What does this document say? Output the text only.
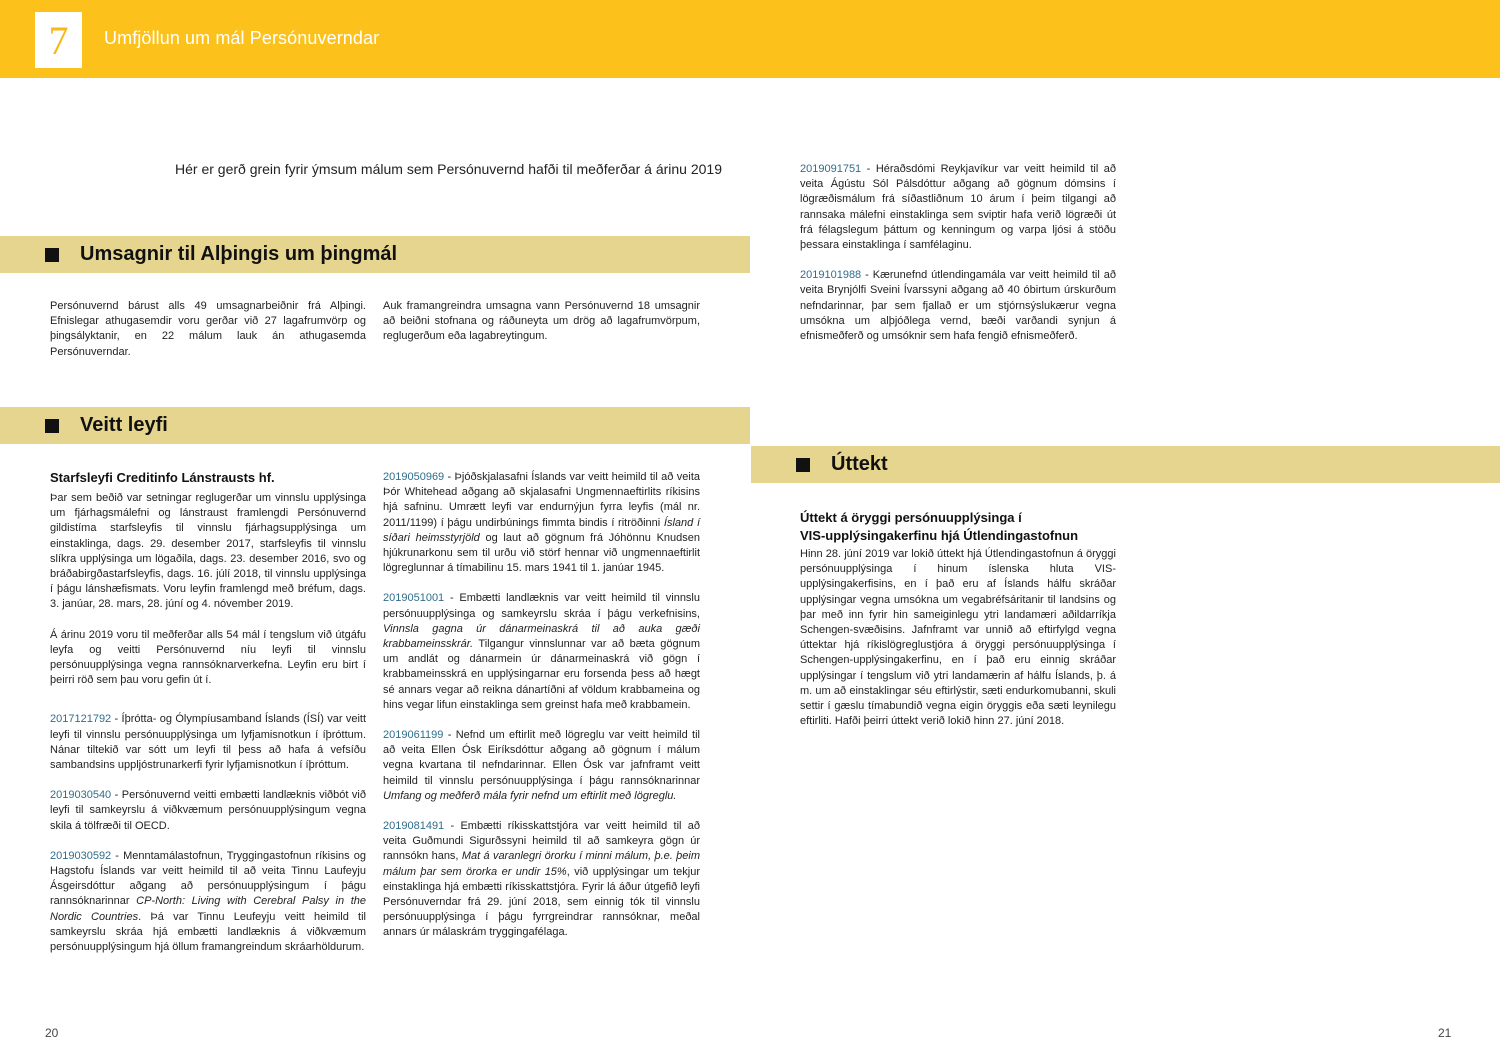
7	Umfjöllun um mál Persónuverndar
Hér er gerð grein fyrir ýmsum málum sem Persónuvernd hafði til meðferðar á árinu 2019
Umsagnir til Alþingis um þingmál

Persónuvernd bárust alls 49 umsagnarbeiðnir frá Alþingi. Efnislegar athugasemdir voru gerðar við 27 lagafrumvörp og þingsályktanir, en 22 málum lauk án athugasemda Persónuverndar.

Auk framangreindra umsagna vann Persónuvernd 18 umsagnir að beiðni stofnana og ráðuneyta um drög að lagafrumvörpum, reglugerðum eða lagabreytingum.

Veitt leyfi
Starfsleyfi Creditinfo Lánstrausts hf.

Þar sem beðið var setningar reglugerðar um vinnslu upplýsinga um fjárhagsmálefni og lánstraust framlengdi Persónuvernd gildistíma starfsleyfis til vinnslu fjárhagsupplýsinga um einstaklinga, dags. 29. desember 2017, starfsleyfis til vinnslu slíkra upplýsinga um lögaðila, dags. 23. desember 2016, svo og bráðabirgðastarfsleyfis, dags. 16. júlí 2018, til vinnslu upplýsinga í þágu lánshæfismats. Voru leyfin framlengd með bréfum, dags. 3. janúar, 28. mars, 28. júní og 4. nóvember 2019.

Á árinu 2019 voru til meðferðar alls 54 mál í tengslum við útgáfu leyfa og veitti Persónuvernd níu leyfi til vinnslu persónuupplýsinga vegna rannsóknarverkefna. Leyfin eru birt í þeirri röð sem þau voru gefin út í.

2017121792 - Íþrótta- og Ólympíusamband Íslands (ÍSÍ) var veitt leyfi til vinnslu persónuupplýsinga um lyfjamisnotkun í íþróttum. Nánar tiltekið var sótt um leyfi til þess að hafa á vefsíðu sambandsins uppljóstrunarkerfi fyrir lyfjamisnotkun í íþróttum.

2019030540 - Persónuvernd veitti embætti landlæknis viðbót við leyfi til samkeyrslu á viðkvæmum persónuupplýsingum vegna skila á tölfræði til OECD.

2019030592 - Menntamálastofnun, Tryggingastofnun ríkisins og Hagstofu Íslands var veitt heimild til að veita Tinnu Laufeyju Ásgeirsdóttur aðgang að persónuupplýsingum í þágu rannsóknarinnar CP-North: Living with Cerebral Palsy in the Nordic Countries. Þá var Tinnu Leufeyju veitt heimild til samkeyrslu skráa hjá embætti landlæknis á viðkvæmum persónuupplýsingum hjá öllum framangreindum skráarhöldurum.

2019050969 - Þjóðskjalasafni Íslands var veitt heimild til að veita Þór Whitehead aðgang að skjalasafni Ungmennaeftirlits ríkisins hjá safninu. Umrætt leyfi var endurnýjun fyrra leyfis (mál nr. 2011/1199) í þágu undirbúnings fimmta bindis í ritröðinni Ísland í síðari heimsstyrjöld og laut að gögnum frá Jóhönnu Knudsen hjúkrunarkonu sem til urðu við störf hennar við ungmennaeftirlit lögreglunnar á tímabilinu 15. mars 1941 til 1. janúar 1945.

2019051001 - Embætti landlæknis var veitt heimild til vinnslu persónuupplýsinga og samkeyrslu skráa í þágu verkefnisins, Vinnsla gagna úr dánarmeinaskrá til að auka gæði krabbameinsskrár. Tilgangur vinnslunnar var að bæta gögnum um andlát og dánarmein úr dánarmeinaskrá við gögn í krabbameinsskrá en upplýsingarnar eru forsenda þess að hægt sé annars vegar að reikna dánartíðni af völdum krabbameina og hins vegar lifun einstaklinga sem greinst hafa með krabbamein.

2019061199 - Nefnd um eftirlit með lögreglu var veitt heimild til að veita Ellen Ósk Eiríksdóttur aðgang að gögnum í málum vegna kvartana til nefndarinnar. Ellen Ósk var jafnframt veitt heimild til vinnslu persónuupplýsinga í þágu rannsóknarinnar Umfang og meðferð mála fyrir nefnd um eftirlit með lögreglu.

2019081491 - Embætti ríkisskattstjóra var veitt heimild til að veita Guðmundi Sigurðssyni heimild til að samkeyra gögn úr rannsókn hans, Mat á varanlegri örorku í minni málum, þ.e. þeim málum þar sem örorka er undir 15%, við upplýsingar um tekjur einstaklinga hjá embætti ríkisskattstjóra. Fyrir lá áður útgefið leyfi Persónuverndar frá 29. júní 2018, sem einnig tók til vinnslu persónuupplýsinga í þágu fyrrgreindrar rannsóknar, meðal annars úr málaskrám tryggingafélaga.

2019091751 - Héraðsdómi Reykjavíkur var veitt heimild til að veita Ágústu Sól Pálsdóttur aðgang að gögnum dómsins í lögræðismálum frá síðastliðnum 10 árum í þeim tilgangi að rannsaka málefni einstaklinga sem sviptir hafa verið lögræði út frá félagslegum þáttum og kenningum og varpa ljósi á stöðu þessara einstaklinga í samfélaginu.

2019101988 - Kærunefnd útlendingamála var veitt heimild til að veita Brynjólfi Sveini Ívarssyni aðgang að 40 óbirtum úrskurðum nefndarinnar, þar sem fjallað er um stjórnsýslukærur vegna umsókna um alþjóðlega vernd, bæði varðandi synjun á efnismeðferð og umsóknir sem hafa fengið efnismeðferð.

Úttekt
Úttekt á öryggi persónuupplýsinga í
VIS-upplýsingakerfinu hjá Útlendingastofnun

Hinn 28. júní 2019 var lokið úttekt hjá Útlendingastofnun á öryggi persónuupplýsinga í hinum íslenska hluta VIS-upplýsingakerfisins, en í það eru af Íslands hálfu skráðar upplýsingar vegna umsókna um vegabréfsáritanir til landsins og þar með inn fyrir hin sameiginlegu ytri landamæri aðildarríkja Schengen-svæðisins. Jafnframt var unnið að eftirfylgd vegna úttektar hjá ríkislögreglustjóra á öryggi persónuupplýsinga í Schengen-upplýsingakerfinu, en í það eru einnig skráðar upplýsingar í tengslum við ytri landamærin af hálfu Íslands, þ. á m. um að einstaklingar séu eftirlýstir, sæti endurkomubanni, skuli settir í gæslu tímabundið vegna eigin öryggis eða sæti leynilegu eftirliti. Hafði þeirri úttekt verið lokið hinn 27. júní 2018.

20	21
